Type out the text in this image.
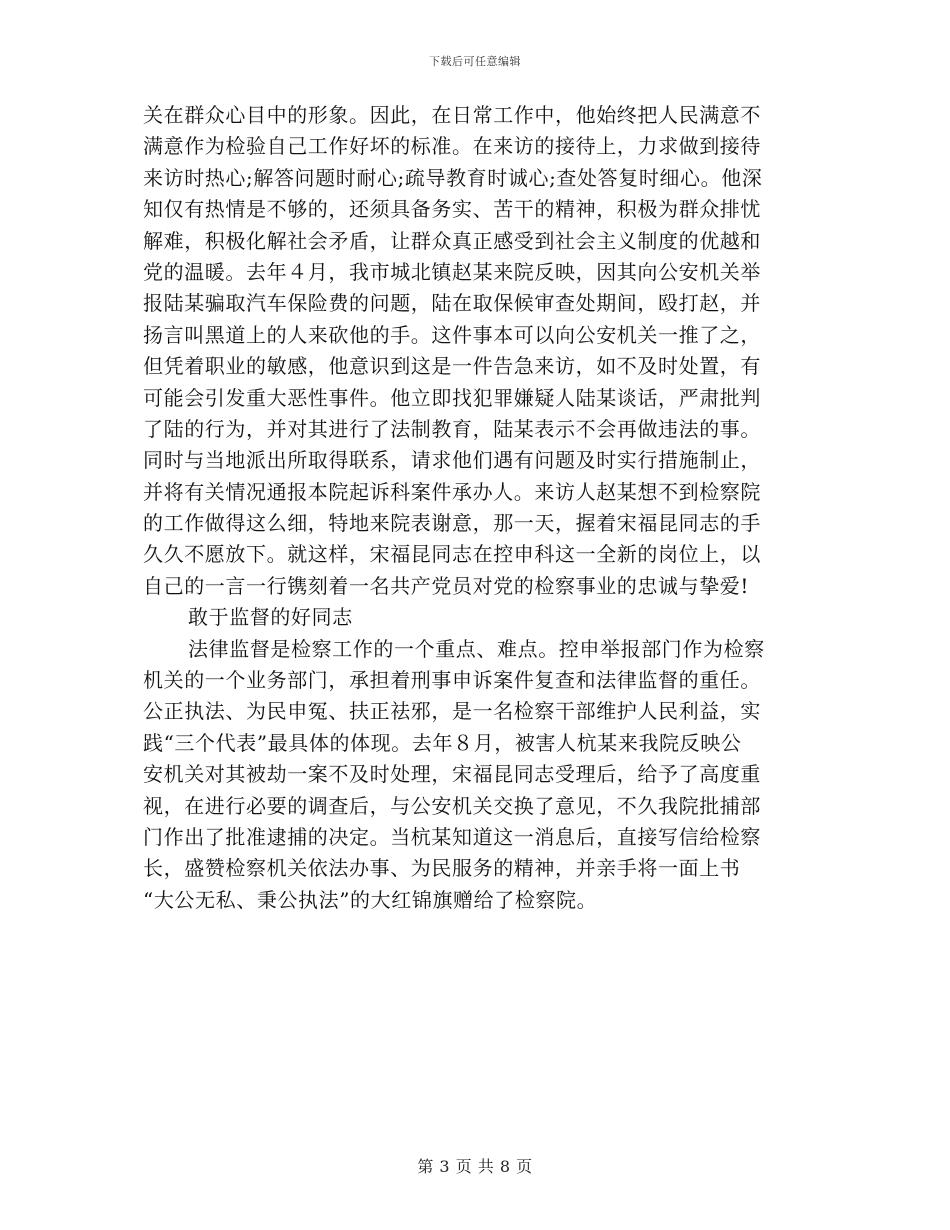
下载后可任意编辑
关在群众心目中的形象。因此，在日常工作中，他始终把人民满意不
满意作为检验自己工作好坏的标准。在来访的接待上，力求做到接待
来访时热心;解答问题时耐心;疏导教育时诚心;查处答复时细心。他深
知仅有热情是不够的，还须具备务实、苦干的精神，积极为群众排忧
解难，积极化解社会矛盾，让群众真正感受到社会主义制度的优越和
党的温暖。去年４月，我市城北镇赵某来院反映，因其向公安机关举
报陆某骗取汽车保险费的问题，陆在取保候审查处期间，殴打赵，并
扬言叫黑道上的人来砍他的手。这件事本可以向公安机关一推了之，
但凭着职业的敏感，他意识到这是一件告急来访，如不及时处置，有
可能会引发重大恶性事件。他立即找犯罪嫌疑人陆某谈话，严肃批判
了陆的行为，并对其进行了法制教育，陆某表示不会再做违法的事。
同时与当地派出所取得联系，请求他们遇有问题及时实行措施制止，
并将有关情况通报本院起诉科案件承办人。来访人赵某想不到检察院
的工作做得这么细，特地来院表谢意，那一天，握着宋福昆同志的手
久久不愿放下。就这样，宋福昆同志在控申科这一全新的岗位上，以
自己的一言一行镌刻着一名共产党员对党的检察事业的忠诚与挚爱!
敢于监督的好同志
法律监督是检察工作的一个重点、难点。控申举报部门作为检察
机关的一个业务部门，承担着刑事申诉案件复查和法律监督的重任。
公正执法、为民申冤、扶正祛邪，是一名检察干部维护人民利益，实
践“三个代表”最具体的体现。去年８月，被害人杭某来我院反映公
安机关对其被劫一案不及时处理，宋福昆同志受理后，给予了高度重
视，在进行必要的调查后，与公安机关交换了意见，不久我院批捕部
门作出了批准逮捕的决定。当杭某知道这一消息后，直接写信给检察
长，盛赞检察机关依法办事、为民服务的精神，并亲手将一面上书
“大公无私、秉公执法”的大红锦旗赠给了检察院。
第 3 页 共 8 页
